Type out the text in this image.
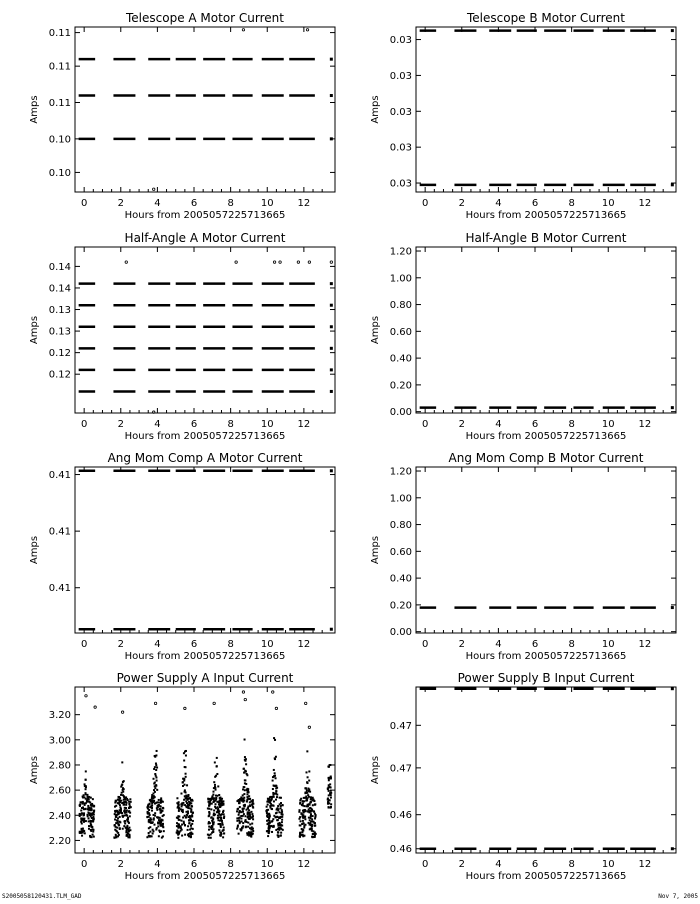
Telescope A Motor Current
0	2	4	6	8	10 12
0.10
0.10
0.11
0.11
0.11
Hours from 2005057225713665
Amps
Telescope B Motor Current
0	2	4	6	8	10 12
0.03
0.03
0.03
0.03
0.03
Hours from 2005057225713665
Amps
Half-Angle A Motor Current
0	2	4	6	8	10 12
0.12
0.12
0.13
0.13
0.14
0.14
Hours from 2005057225713665
Amps
Half-Angle B Motor Current
0	2	4	6	8	10 12
0.00
0.20
0.40
0.60
0.80
1.00
1.20
Hours from 2005057225713665
Amps
Ang Mom Comp A Motor Current
0	2	4	6	8	10 12
0.41
0.41
0.41
Hours from 2005057225713665
Amps
Ang Mom Comp B Motor Current
0	2	4	6	8	10 12
0.00
0.20
0.40
0.60
0.80
1.00
1.20
Hours from 2005057225713665
Amps
Power Supply A Input Current
0	2	4	6	8	10 12
2.20
2.40
2.60
2.80
3.00
3.20
Hours from 2005057225713665
Amps
Power Supply B Input Current
0	2	4	6	8	10 12
0.46
0.46
0.47
0.47
Hours from 2005057225713665
Amps
S2005058120431.TLM_GAD	Nov 7, 2005
